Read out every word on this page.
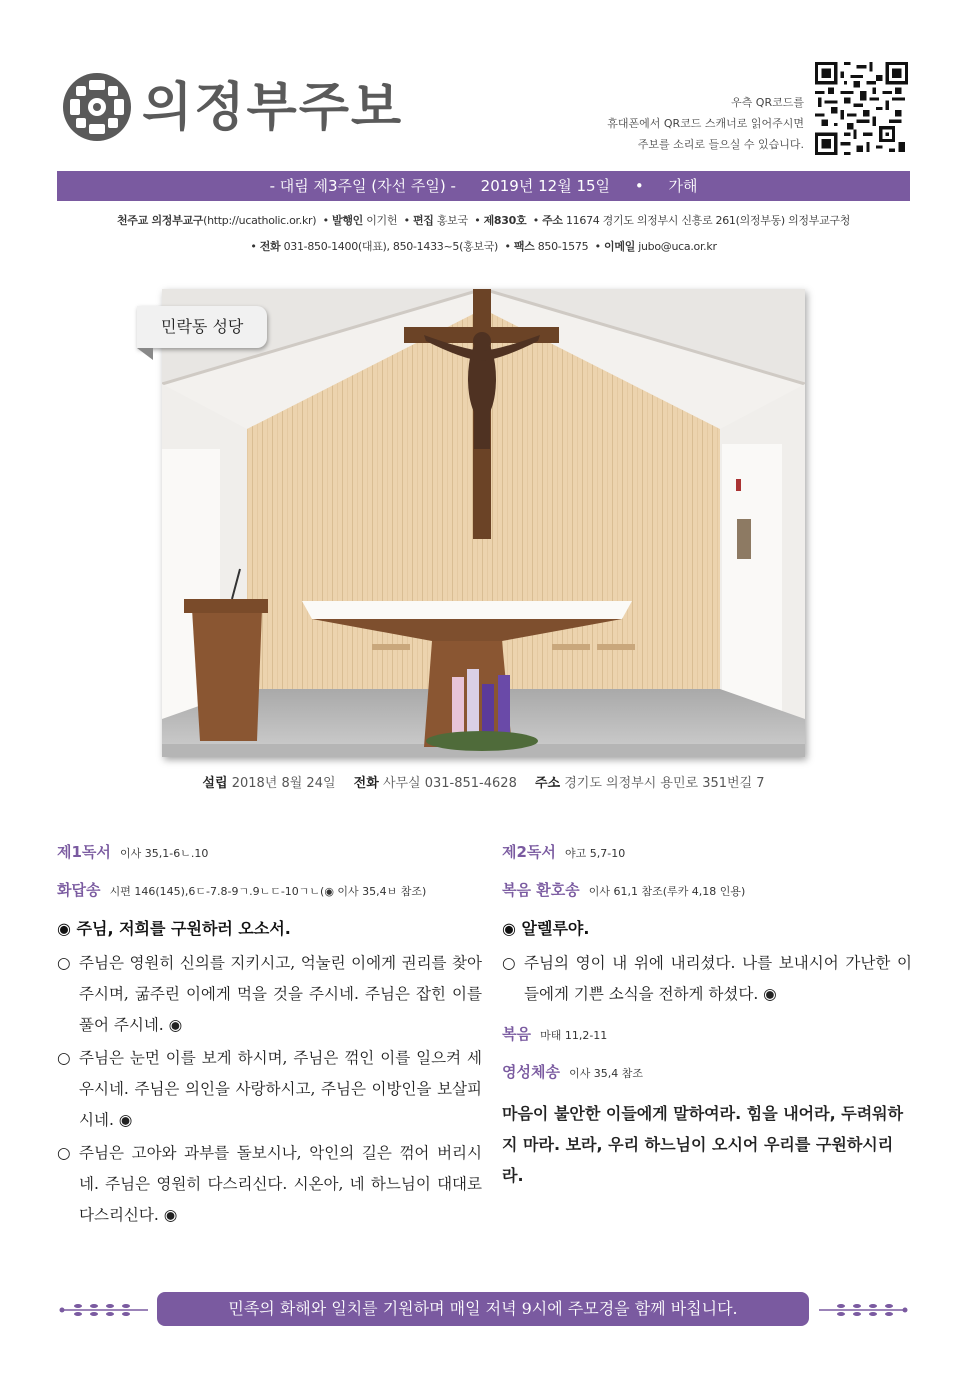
의정부주보	우측 QR코드를
휴대폰에서 QR코드 스캐너로 읽어주시면
주보를 소리로 들으실 수 있습니다.
- 대림 제3주일 (자선 주일) - 2019년 12월 15일 • 가해
천주교 의정부교구(http://ucatholic.or.kr)  • 발행인 이기헌  • 편집 홍보국  • 제830호  • 주소 11674 경기도 의정부시 신흥로 261(의정부동) 의정부교구청
• 전화 031-850-1400(대표), 850-1433~5(홍보국)  • 팩스 850-1575  • 이메일 jubo@uca.or.kr
민락동 성당
설립 2018년 8월 24일 전화 사무실 031-851-4628 주소 경기도 의정부시 용민로 351번길 7
제1독서 이사 35,1-6ㄴ.10
화답송 시편 146(145),6ㄷ-7.8-9ㄱ.9ㄴㄷ-10ㄱㄴ(◉ 이사 35,4ㅂ 참조)
◉ 주님, 저희를 구원하러 오소서.
○ 주님은 영원히 신의를 지키시고, 억눌린 이에게 권리를 찾아 주시며, 굶주린 이에게 먹을 것을 주시네. 주님은 잡힌 이를 풀어 주시네. ◉
○ 주님은 눈먼 이를 보게 하시며, 주님은 꺾인 이를 일으켜 세우시네. 주님은 의인을 사랑하시고, 주님은 이방인을 보살피시네. ◉
○ 주님은 고아와 과부를 돌보시나, 악인의 길은 꺾어 버리시네. 주님은 영원히 다스리신다. 시온아, 네 하느님이 대대로 다스리신다. ◉
제2독서 야고 5,7-10
복음 환호송 이사 61,1 참조(루카 4,18 인용)
◉ 알렐루야.
○ 주님의 영이 내 위에 내리셨다. 나를 보내시어 가난한 이들에게 기쁜 소식을 전하게 하셨다. ◉
복음 마태 11,2-11
영성체송 이사 35,4 참조
마음이 불안한 이들에게 말하여라. 힘을 내어라, 두려워하지 마라. 보라, 우리 하느님이 오시어 우리를 구원하시리라.
민족의 화해와 일치를 기원하며 매일 저녁 9시에 주모경을 함께 바칩니다.
